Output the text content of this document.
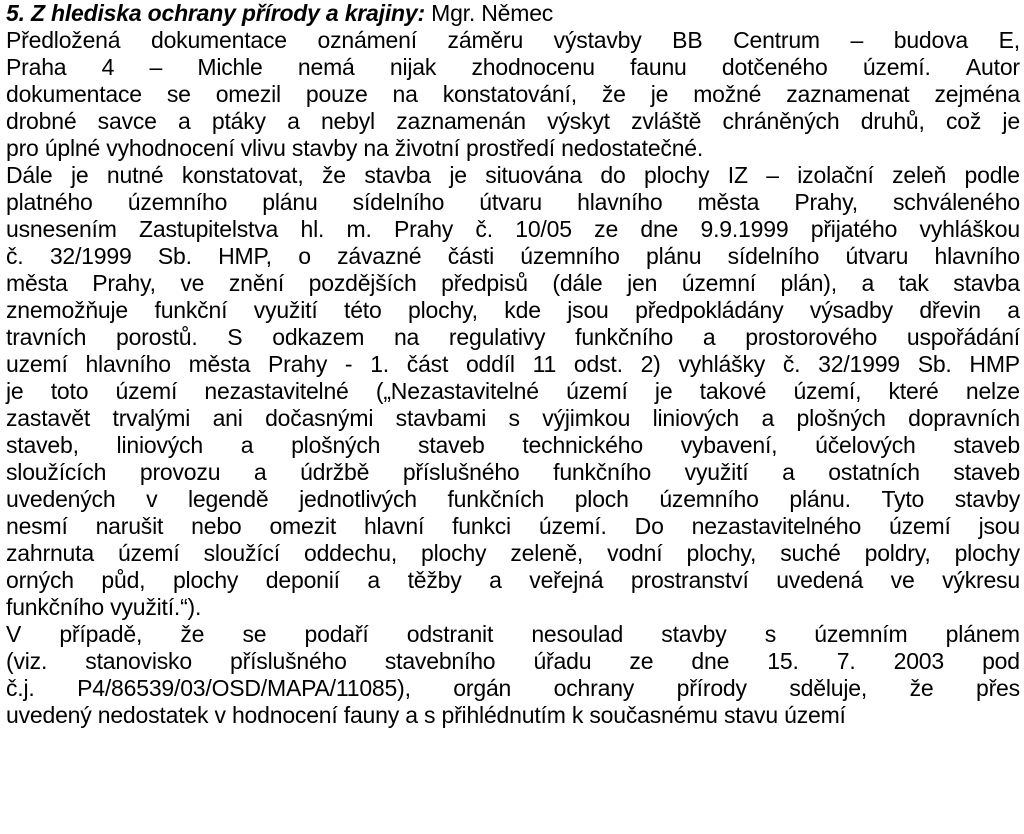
5. Z hlediska ochrany přírody a krajiny: Mgr. Němec
Předložená dokumentace oznámení záměru výstavby BB Centrum – budova E,
Praha 4 – Michle nemá nijak zhodnocenu faunu dotčeného území. Autor
dokumentace se omezil pouze na konstatování, že je možné zaznamenat zejména
drobné savce a ptáky a nebyl zaznamenán výskyt zvláště chráněných druhů, což je
pro úplné vyhodnocení vlivu stavby na životní prostředí nedostatečné.
Dále je nutné konstatovat, že stavba je situována do plochy IZ – izolační zeleň podle
platného územního plánu sídelního útvaru hlavního města Prahy, schváleného
usnesením Zastupitelstva hl. m. Prahy č. 10/05 ze dne 9.9.1999 přijatého vyhláškou
č. 32/1999 Sb. HMP, o závazné části územního plánu sídelního útvaru hlavního
města Prahy, ve znění pozdějších předpisů (dále jen územní plán), a tak stavba
znemožňuje funkční využití této plochy, kde jsou předpokládány výsadby dřevin a
travních porostů. S odkazem na regulativy funkčního a prostorového uspořádání
uzemí hlavního města Prahy - 1. část oddíl 11 odst. 2) vyhlášky č. 32/1999 Sb. HMP
je toto území nezastavitelné („Nezastavitelné území je takové území, které nelze
zastavět trvalými ani dočasnými stavbami s výjimkou liniových a plošných dopravních
staveb, liniových a plošných staveb technického vybavení, účelových staveb
sloužících provozu a údržbě příslušného funkčního využití a ostatních staveb
uvedených v legendě jednotlivých funkčních ploch územního plánu. Tyto stavby
nesmí narušit nebo omezit hlavní funkci území. Do nezastavitelného území jsou
zahrnuta území sloužící oddechu, plochy zeleně, vodní plochy, suché poldry, plochy
orných půd, plochy deponií a těžby a veřejná prostranství uvedená ve výkresu
funkčního využití.“).
V případě, že se podaří odstranit nesoulad stavby s územním plánem
(viz. stanovisko příslušného stavebního úřadu ze dne 15. 7. 2003 pod
č.j. P4/86539/03/OSD/MAPA/11085), orgán ochrany přírody sděluje, že přes
uvedený nedostatek v hodnocení fauny a s přihlédnutím k současnému stavu území
